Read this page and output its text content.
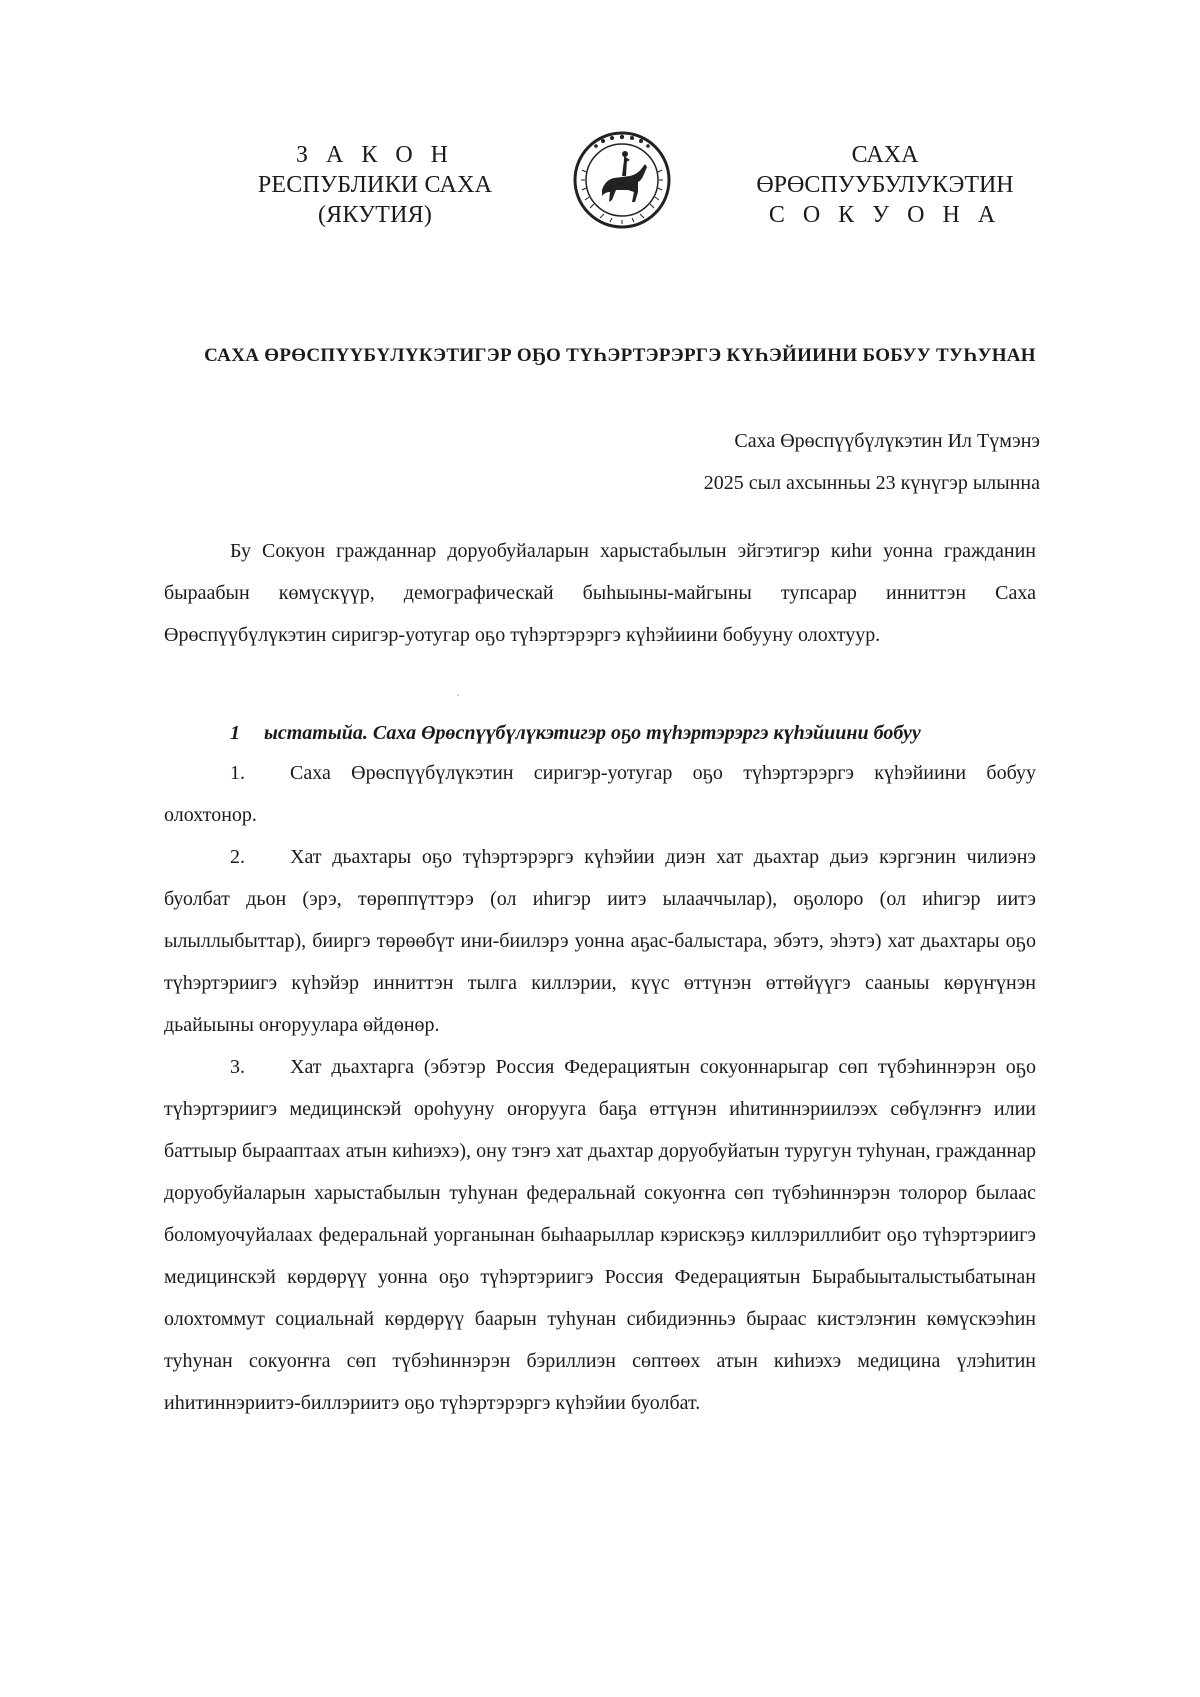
З А К О Н
РЕСПУБЛИКИ САХА (ЯКУТИЯ)
САХА ӨРӨСПУУБУЛУКЭТИН
С О К У О Н А
САХА ӨРӨСПҮҮБҮЛҮКЭТИГЭР ОҔО ТҮҺЭРТЭРЭРГЭ КҮҺЭЙИИНИ БОБУУ ТУҺУНАН
Саха Өрөспүүбүлүкэтин Ил Түмэнэ
2025 сыл ахсынньы 23 күнүгэр ылынна
Бу Сокуон гражданнар доруобуйаларын харыстабылын эйгэтигэр киһи уонна гражданин быраабын көмүскүүр, демографическай быһыыны-майгыны тупсарар инниттэн Саха Өрөспүүбүлүкэтин сиригэр-уотугар оҕо түһэртэрэргэ күһэйиини бобууну олохтуур.
1 ыстатыйа. Саха Өрөспүүбүлүкэтигэр оҕо түһэртэрэргэ күһэйиини бобуу

1. Саха Өрөспүүбүлүкэтин сиригэр-уотугар оҕо түһэртэрэргэ күһэйиини бобуу олохтонор.

2. Хат дьахтары оҕо түһэртэрэргэ күһэйии диэн хат дьахтар дьиэ кэргэнин чилиэнэ буолбат дьон (эрэ, төрөппүттэрэ (ол иһигэр иитэ ылааччылар), оҕолоро (ол иһигэр иитэ ылыллыбыттар), бииргэ төрөөбүт ини-биилэрэ уонна аҕас-балыстара, эбэтэ, эһэтэ) хат дьахтары оҕо түһэртэриигэ күһэйэр инниттэн тылга киллэрии, күүс өттүнэн өттөйүүгэ сааныы көрүҥүнэн дьайыыны оҥоруулара өйдөнөр.

3. Хат дьахтарга (эбэтэр Россия Федерациятын сокуоннарыгар сөп түбэһиннэрэн оҕо түһэртэриигэ медицинскэй ороһууну оҥорууга баҕа өттүнэн иһитиннэриилээх сөбүлэҥҥэ илии баттыыр бырааптаах атын киһиэхэ), ону тэҥэ хат дьахтар доруобуйатын туругун туһунан, гражданнар доруобуйаларын харыстабылын туһунан федеральнай сокуоҥҥа сөп түбэһиннэрэн толорор былаас боломуочуйалаах федеральнай уорганынан быһаарыллар кэрискэҕэ киллэриллибит оҕо түһэртэриигэ медицинскэй көрдөрүү уонна оҕо түһэртэриигэ Россия Федерациятын Бырабыыталыстыбатынан олохтоммут социальнай көрдөрүү баарын туһунан сибидиэнньэ быраас кистэлэҥин көмүскээһин туһунан сокуоҥҥа сөп түбэһиннэрэн бэриллиэн сөптөөх атын киһиэхэ медицина үлэһитин иһитиннэриитэ-биллэриитэ оҕо түһэртэрэргэ күһэйии буолбат.
